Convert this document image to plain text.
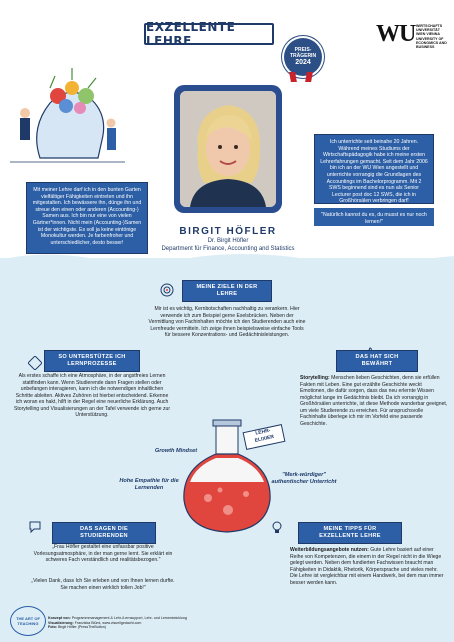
EXZELLENTE LEHRE
PREIS-
TRÄGERIN
2024
WU WIRTSCHAFTS UNIVERSITÄT WIEN VIENNA UNIVERSITY OF ECONOMICS AND BUSINESS
Mit meiner Lehre darf ich in den bunten Garten vielfältiger Fähigkeiten eintreten und ihn mitgestalten. Ich bewässere ihn, dünge ihn und streue den einen oder anderen (Accounting-) Samen aus. Ich bin nur eine von vielen Gärtner*innen. Nicht mein (Accounting-)Samen ist der wichtigste. Es soll ja keine eintönige Monokultur werden. Je farbenfroher und unterschiedlicher, desto besser!
BIRGIT HÖFLER
Dr. Birgit Höfler
Department für Finance, Accounting and Statistics
Ich unterrichte seit beinahe 20 Jahren. Während meines Studiums der Wirtschaftspädagogik habe ich meine ersten Lehrerfahrungen gemacht. Seit dem Jahr 2006 bin ich an der WU Wien angestellt und unterrichte vorrangig die Grundlagen des Accountings im Bachelorprogramm. Mit 2 SWS beginnend sind es nun als Senior Lecturer post doc 12 SWS, die ich in Großhörsälen verbringen darf!
"Natürlich kannst du es, du musst es nur noch lernen!"
MEINE ZIELE IN DER LEHRE
Mir ist es wichtig, Kernbotschaften nachhaltig zu verankern. Hier verwende ich zum Beispiel gerne Eselsbrücken. Neben der Vermittlung von Fachinhalten möchte ich den Studierenden auch eine Lernfreude vermitteln. Ich zeige ihnen beispielsweise einfache Tools für bessere Konzentrations- und Gedächtnisleistungen.
SO UNTERSTÜTZE ICH LERNPROZESSE
Als erstes schaffe ich eine Atmosphäre, in der angstfreies Lernen stattfinden kann. Wenn Studierende dann Fragen stellen oder unbefangen interagieren, kann ich die notwendigen inhaltlichen Schritte ableiten. Aktives Zuhören ist hierbei entscheidend. Erkenne ich woran es hakt, hilft in der Regel eine neuerliche Erklärung. Auch Storytelling und Visualisierungen an der Tafel verwende ich gerne zur Unterstützung.
DAS HAT SICH BEWÄHRT
Storytelling: Menschen lieben Geschichten, denn sie erfüllen Fakten mit Leben. Eine gut erzählte Geschichte weckt Emotionen, die dafür sorgen, dass das neu erlernte Wissen möglichst lange im Gedächtnis bleibt. Da ich vorrangig in Großhörsälen unterrichte, ist diese Methode wunderbar geeignet, um viele Studierende zu erreichen. Für anspruchsvolle Fachinhalte überlege ich mir im Vorfeld eine passende Geschichte.
LEHR-
ELIXIER
Growth Mindset
Hohe Empathie für die Lernenden
"Merk-würdiger" authentischer Unterricht
DAS SAGEN DIE STUDIERENDEN
„Frau Höfler gestaltet eine unfassbar positive Vorlesungsatmosphäre, in der man gerne lernt. Sie erklärt ein schweres Fach verständlich und realitätsbezogen."
„Vielen Dank, dass Ich Sie erleben und von Ihnen lernen durfte. Sie machen einen wirklich tollen Job!"
MEINE TIPPS FÜR EXZELLENTE LEHRE
Weiterbildungsangebote nutzen: Gute Lehre basiert auf einer Reihe von Kompetenzen, die einem in der Regel nicht in die Wiege gelegt werden. Neben dem fundierten Fachwissen braucht man Fähigkeiten in Didaktik, Rhetorik, Körpersprache und vieles mehr. Die Lehre ist vergleichbar mit einem Handwerk, bei dem man immer besser werden kann.
THE ART OF TEACHING
Konzept von: Programmmanagement & Lehr-/Lernsupport, Lehr- und Lernentwicklung
Visualisierung: Franziska Blümi, www.visuellgedacht.com
Foto: Birgit Höfler (PressTheButton)
